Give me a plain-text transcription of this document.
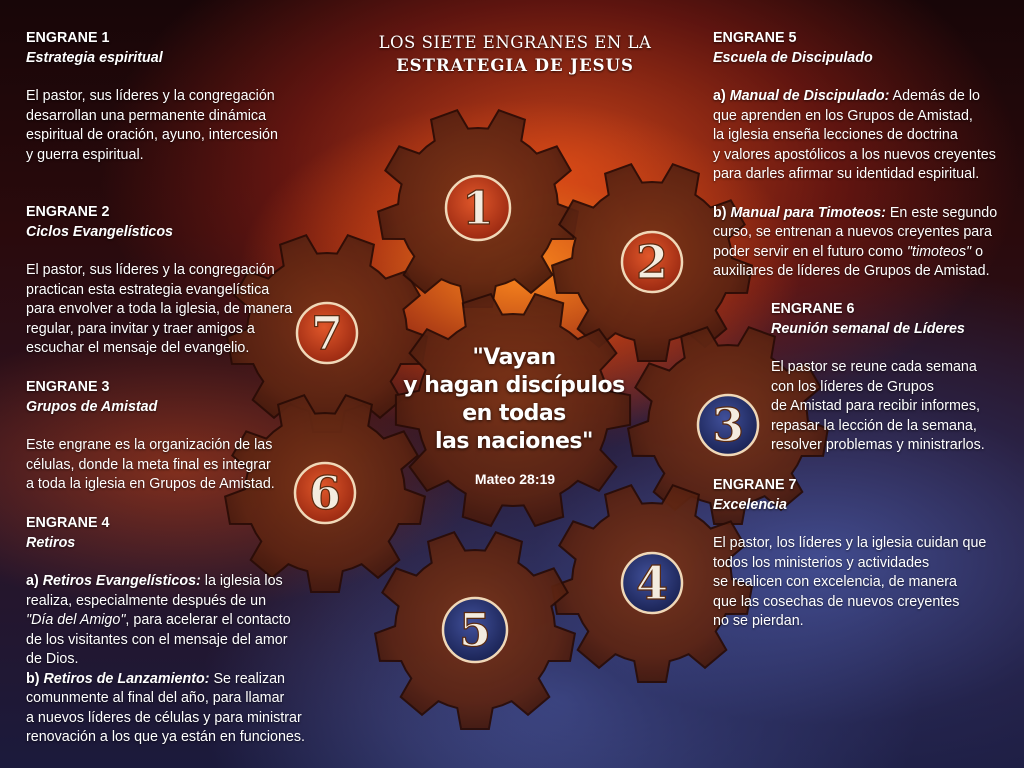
7
6
1
2
3
4
5
LOS SIETE ENGRANES EN LA
ESTRATEGIA DE JESUS
"Vayan
y hagan discípulos
en todas
las naciones"
Mateo 28:19

ENGRANE 1

Estrategia espiritual

El pastor, sus líderes y la congregación

desarrollan una permanente dinámica

espiritual de oración, ayuno, intercesión

y guerra espiritual.

ENGRANE 2

Ciclos Evangelísticos

El pastor, sus líderes y la congregación

practican esta estrategia evangelística

para envolver a toda la iglesia, de manera

regular, para invitar y traer amigos a

escuchar el mensaje del evangelio.

ENGRANE 3

Grupos de Amistad

Este engrane es la organización de las

células, donde la meta final es integrar

a toda la iglesia en Grupos de Amistad.

ENGRANE 4

Retiros

a) Retiros Evangelísticos: la iglesia los

realiza, especialmente después de un

"Día del Amigo", para acelerar el contacto

de los visitantes con el mensaje del amor

de Dios.

b) Retiros de Lanzamiento: Se realizan

comunmente al final del año, para llamar

a nuevos líderes de células y para ministrar

renovación a los que ya están en funciones.

ENGRANE 5

Escuela de Discipulado

a) Manual de Discipulado: Además de lo

que aprenden en los Grupos de Amistad,

la iglesia enseña lecciones de doctrina

y valores apostólicos a los nuevos creyentes

para darles afirmar su identidad espiritual.

b) Manual para Timoteos: En este segundo

curso, se entrenan a nuevos creyentes para

poder servir en el futuro como "timoteos" o

auxiliares de líderes de Grupos de Amistad.

ENGRANE 6

Reunión semanal de Líderes

El pastor se reune cada semana

con los líderes de Grupos

de Amistad para recibir informes,

repasar la lección de la semana,

resolver problemas y ministrarlos.

ENGRANE 7

Excelencia

El pastor, los líderes y la iglesia cuidan que

todos los ministerios y actividades

se realicen con excelencia, de manera

que las cosechas de nuevos creyentes

no se pierdan.
